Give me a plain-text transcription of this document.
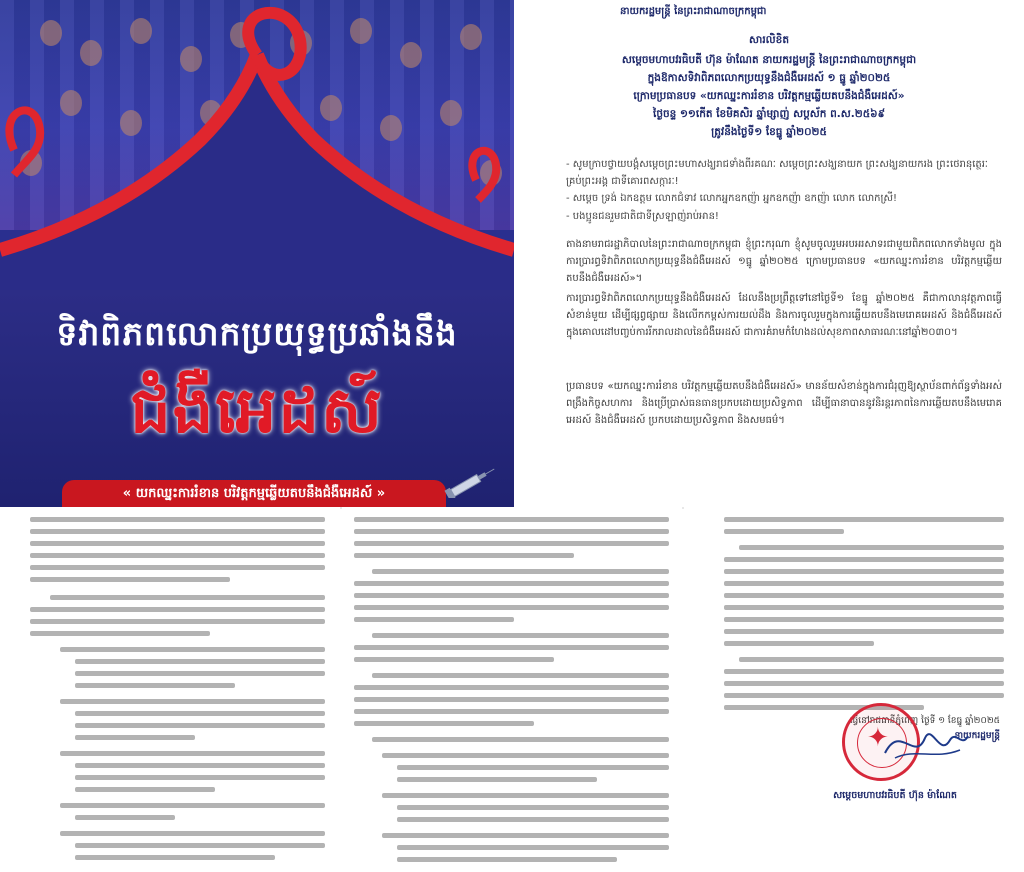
ទិវាពិភពលោកប្រយុទ្ធប្រឆាំងនឹង
ជំងឺអេដស៍
« យកឈ្នះការរំខាន បរិវត្តកម្មឆ្លើយតបនឹងជំងឺអេដស៍ »
នាយករដ្ឋមន្ត្រី នៃព្រះរាជាណាចក្រកម្ពុជា
សារលិខិត
សម្តេចមហាបវរធិបតី ហ៊ុន ម៉ាណែត នាយករដ្ឋមន្ត្រី នៃព្រះរាជាណាចក្រកម្ពុជា
ក្នុងឱកាសទិវាពិភពលោកប្រយុទ្ធនឹងជំងឺអេដស៍ ១ ធ្នូ ឆ្នាំ២០២៥
ក្រោមប្រធានបទ «យកឈ្នះការរំខាន បរិវត្តកម្មឆ្លើយតបនឹងជំងឺអេដស៍»
ថ្ងៃចន្ទ ១១កើត ខែមិគសិរ ឆ្នាំម្សាញ់ សប្តស័ក ព.ស.២៥៦៩
ត្រូវនឹងថ្ងៃទី១ ខែធ្នូ ឆ្នាំ២០២៥
- សូមក្រាបថ្វាយបង្គំសម្តេចព្រះមហាសង្ឃរាជទាំងពីរគណៈ សម្តេចព្រះសង្ឃនាយក ព្រះសង្ឃនាយករង ព្រះថេរានុត្ថេរៈគ្រប់ព្រះអង្គ ជាទីគោរពសក្ការៈ!
- សម្តេច ទ្រង់ ឯកឧត្តម លោកជំទាវ លោកអ្នកឧកញ៉ា អ្នកឧកញ៉ា ឧកញ៉ា លោក លោកស្រី!
- បងប្អូនជនរួមជាតិជាទីស្រឡាញ់រាប់អាន!
តាងនាមរាជរដ្ឋាភិបាលនៃព្រះរាជាណាចក្រកម្ពុជា ខ្ញុំព្រះករុណា ខ្ញុំសូមចូលរួមអបអរសាទរជាមួយពិភពលោកទាំងមូល ក្នុងការប្រារព្ធទិវាពិភពលោកប្រយុទ្ធនឹងជំងឺអេដស៍ ១ធ្នូ ឆ្នាំ២០២៥ ក្រោមប្រធានបទ «យកឈ្នះការរំខាន បរិវត្តកម្មឆ្លើយតបនឹងជំងឺអេដស៍»។
ការប្រារព្ធទិវាពិភពលោកប្រយុទ្ធនឹងជំងឺអេដស៍ ដែលនឹងប្រព្រឹត្តទៅនៅថ្ងៃទី១ ខែធ្នូ ឆ្នាំ២០២៥ គឺជាកាលានុវត្តភាពធ្វើសំខាន់មួយ ដើម្បីផ្សព្វផ្សាយ និងលើកកម្ពស់ការយល់ដឹង និងការចូលរួមក្នុងការឆ្លើយតបនឹងមេរោគអេដស៍ និងជំងឺអេដស៍ ក្នុងគោលដៅបញ្ចប់ការរីករាលដាលនៃជំងឺអេដស៍ ជាការគំរាមកំហែងដល់សុខភាពសាធារណៈនៅឆ្នាំ២០៣០។
ប្រធានបទ «យកឈ្នះការរំខាន បរិវត្តកម្មឆ្លើយតបនឹងជំងឺអេដស៍» មានន័យសំខាន់ក្នុងការជំរុញឱ្យស្ថាប័នពាក់ព័ន្ធទាំងអស់ពង្រឹងកិច្ចសហការ និងប្រើប្រាស់ធនធានប្រកបដោយប្រសិទ្ធភាព ដើម្បីធានាបាននូវនិរន្តរភាពនៃការឆ្លើយតបនឹងមេរោគអេដស៍ និងជំងឺអេដស៍ ប្រកបដោយប្រសិទ្ធភាព និងសមធម៌។
ធ្វើនៅរាជធានីភ្នំពេញ ថ្ងៃទី ១ ខែធ្នូ ឆ្នាំ២០២៥
នាយករដ្ឋមន្ត្រី
✦
សម្តេចមហាបវរធិបតី ហ៊ុន ម៉ាណែត
